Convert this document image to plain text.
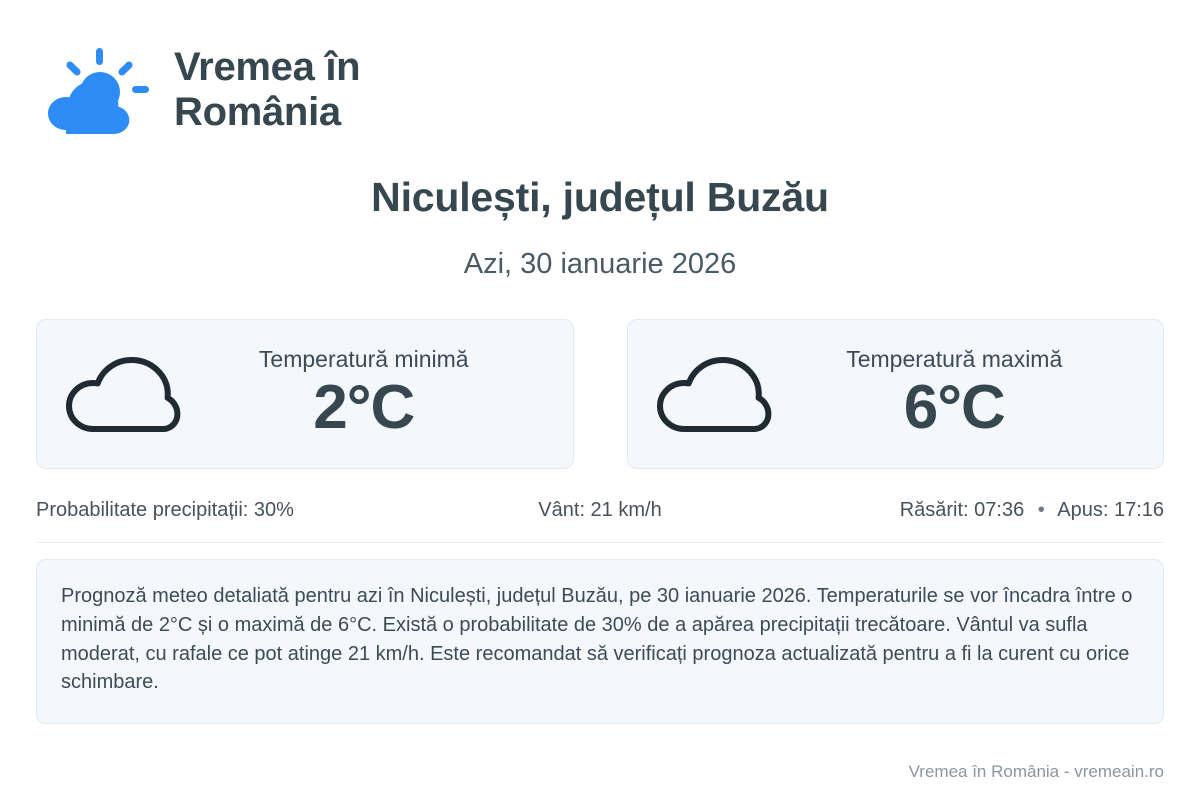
Vremea în România
Niculești, județul Buzău
Azi, 30 ianuarie 2026
Temperatură minimă
2°C
Temperatură maximă
6°C
Probabilitate precipitații: 30%	Vânt: 21 km/h	Răsărit: 07:36 • Apus: 17:16
Prognoză meteo detaliată pentru azi în Niculești, județul Buzău, pe 30 ianuarie 2026. Temperaturile se vor încadra între o minimă de 2°C și o maximă de 6°C. Există o probabilitate de 30% de a apărea precipitații trecătoare. Vântul va sufla moderat, cu rafale ce pot atinge 21 km/h. Este recomandat să verificați prognoza actualizată pentru a fi la curent cu orice schimbare.
Vremea în România - vremeain.ro
